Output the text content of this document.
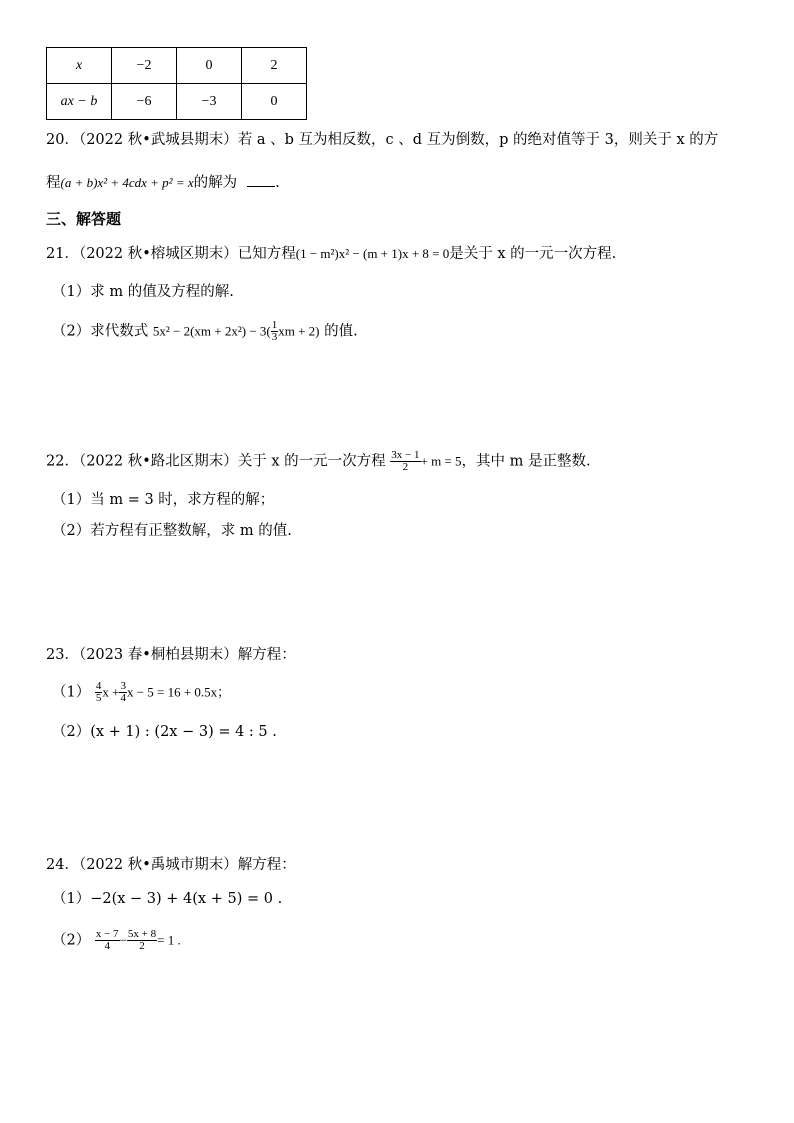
x	−2	0	2
ax − b	−6	−3	0
20．（2022 秋•武城县期末）若 a 、b 互为相反数，c 、d 互为倒数，p 的绝对值等于 3，则关于 x 的方
程(a + b)x² + 4cdx + p² = x的解为	.
三、解答题
21．（2022 秋•榕城区期末）已知方程(1 − m²)x² − (m + 1)x + 8 = 0是关于 x 的一元一次方程.
（1）求 m 的值及方程的解.
（2）求代数式 $5x^2 - 2(xm + 2x^2) - 3( \frac{1}{3}$ xm + 2) 的值.
22．（2022 秋•路北区期末）关于 x 的一元一次方程 $\frac{3x - 1}{2} + m = 5$，其中 m 是正整数.
（1）当 m = 3 时，求方程的解；
（2）若方程有正整数解，求 m 的值.
23．（2023 春•桐柏县期末）解方程：
$(1) \frac{4}{5}$ $x + \frac{3}{4}$ x − 5 = 16 + 0.5x；
（2）(x + 1) : (2x − 3) = 4 : 5 .
24．（2022 秋•禹城市期末）解方程：
（1）−2(x − 3) + 4(x + 5) = 0 .
$(2) \frac{x - 7}{4} - \frac{5x + 8}{2} = 1$ .
